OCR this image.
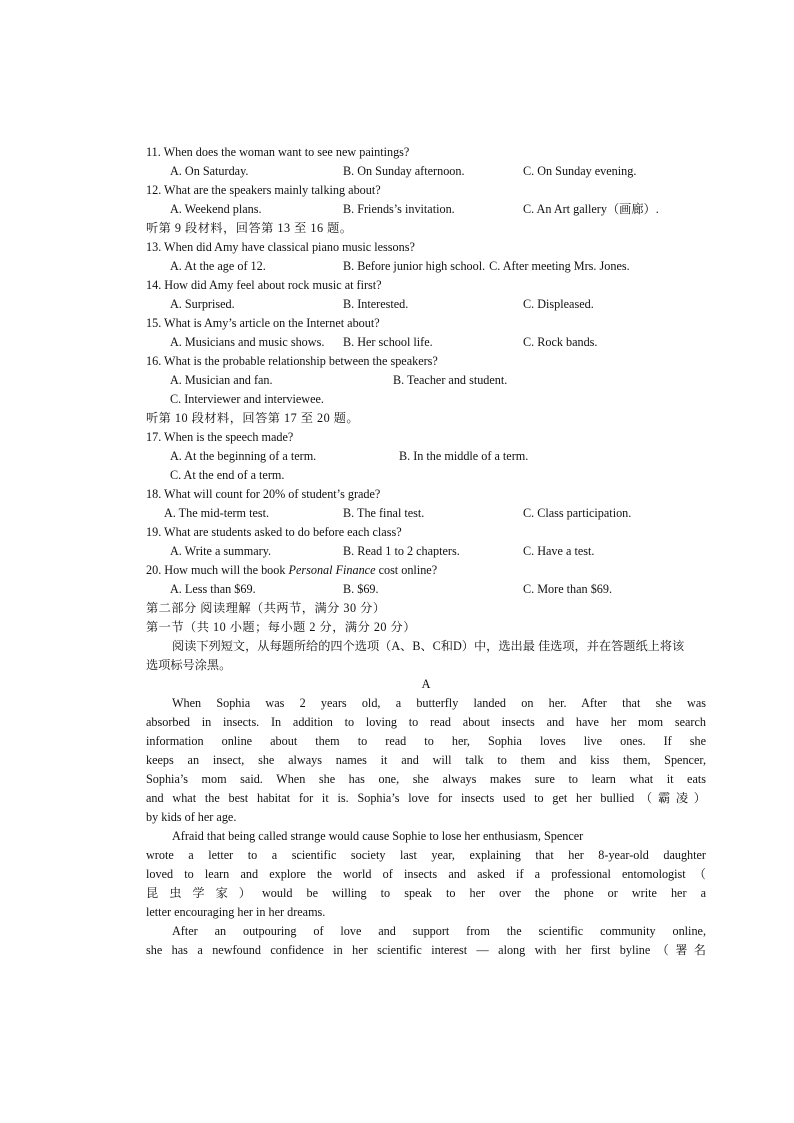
11. When does the woman want to see new paintings?
A. On Saturday.	B. On Sunday afternoon.	C. On Sunday evening.
12. What are the speakers mainly talking about?
A. Weekend plans.	B. Friends’s invitation.	C. An Art gallery（画廊）.
听第 9 段材料，回答第 13 至 16 题。
13. When did Amy have classical piano music lessons?
A. At the age of 12.	B. Before junior high school. C. After meeting Mrs. Jones.
14. How did Amy feel about rock music at first?
A. Surprised.	B. Interested.	C. Displeased.
15. What is Amy’s article on the Internet about?
A. Musicians and music shows.	B. Her school life.	C. Rock bands.
16. What is the probable relationship between the speakers?
A. Musician and fan.	B. Teacher and student.
C. Interviewer and interviewee.
听第 10 段材料，回答第 17 至 20 题。
17. When is the speech made?
A. At the beginning of a term.	B. In the middle of a term.
C. At the end of a term.
18. What will count for 20% of student’s grade?
A. The mid-term test.	B. The final test.	C. Class participation.
19. What are students asked to do before each class?
A. Write a summary.	B. Read 1 to 2 chapters.	C. Have a test.
20. How much will the book Personal Finance cost online?
A. Less than $69.	B. $69.	C. More than $69.
第二部分 阅读理解（共两节，满分 30 分）
第一节（共 10 小题；每小题 2 分，满分 20 分）
阅读下列短文，从每题所给的四个选项（A、B、C和D）中，选出最 佳选项，并在答题纸上将该
选项标号涂黑。
A
When Sophia was 2 years old, a butterfly landed on her. After that she was
absorbed in insects. In addition to loving to read about insects and have her mom search
information online about them to read to her, Sophia loves live ones. If she
keeps an insect, she always names it and will talk to them and kiss them, Spencer,
Sophia’s mom said. When she has one, she always makes sure to learn what it eats
and what the best habitat for it is. Sophia’s love for insects used to get her bullied（霸凌）
by kids of her age.
Afraid that being called strange would cause Sophie to lose her enthusiasm, Spencer
wrote a letter to a scientific society last year, explaining that her 8-year-old daughter
loved to learn and explore the world of insects and asked if a professional entomologist（
昆虫学家）would be willing to speak to her over the phone or write her a
letter encouraging her in her dreams.
After an outpouring of love and support from the scientific community online,
she has a newfound confidence in her scientific interest — along with her first byline（署名
